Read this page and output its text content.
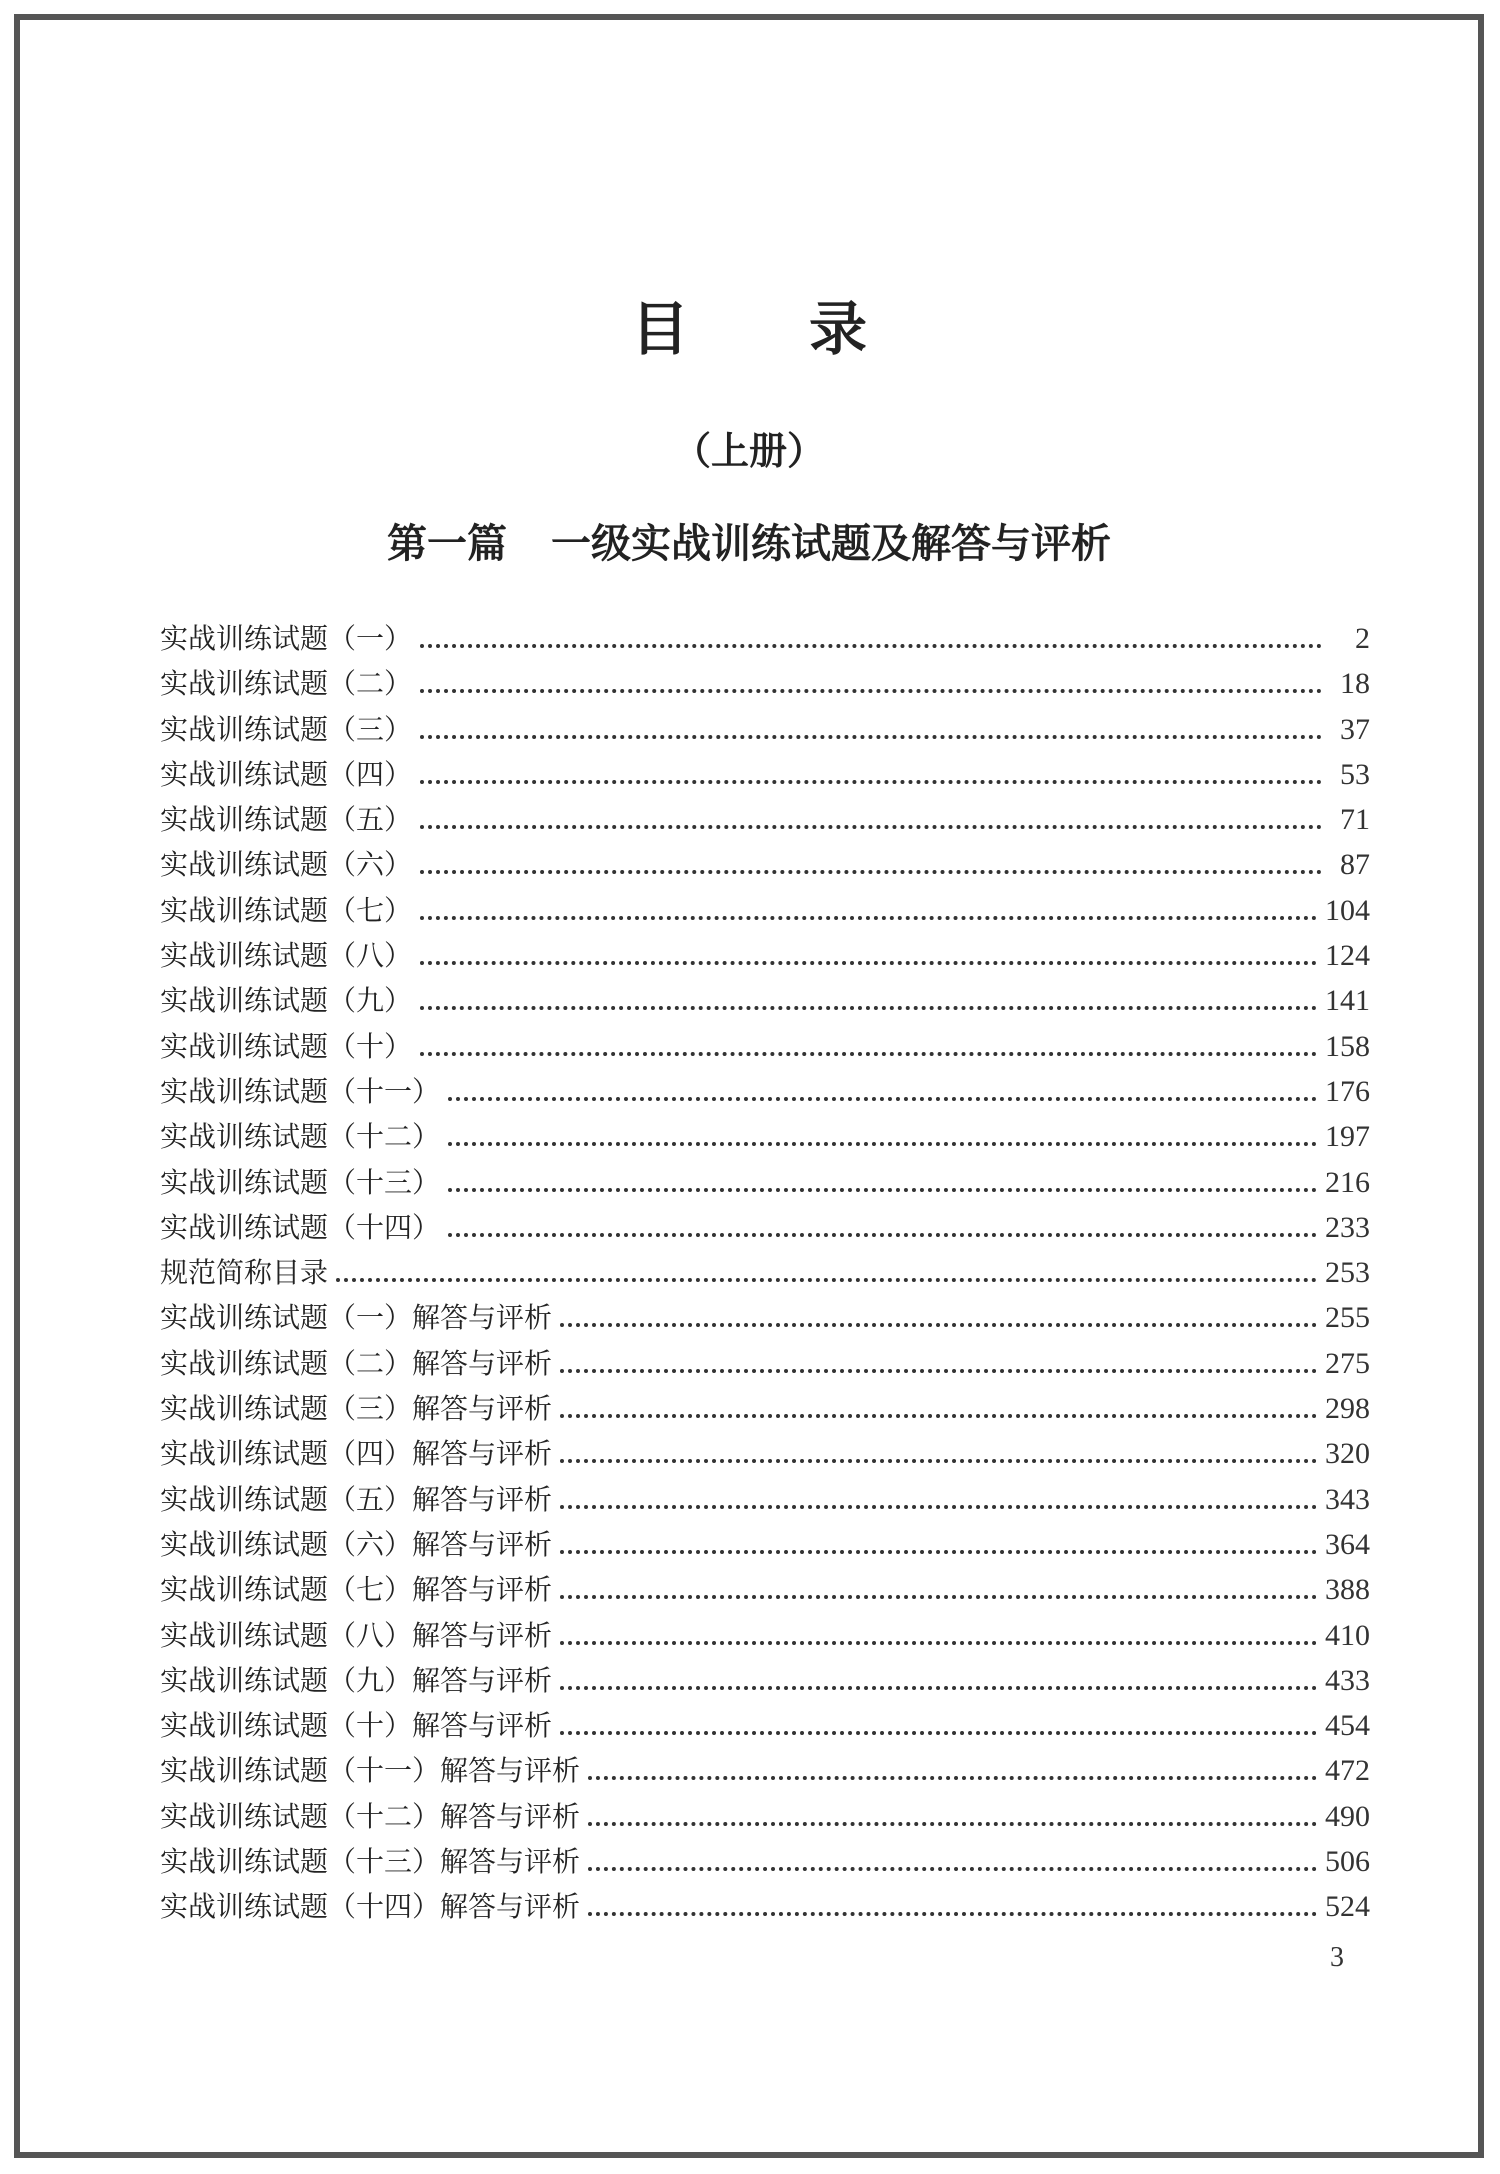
目录
（上册）
第一篇 一级实战训练试题及解答与评析
实战训练试题（一）	2
实战训练试题（二）	18
实战训练试题（三）	37
实战训练试题（四）	53
实战训练试题（五）	71
实战训练试题（六）	87
实战训练试题（七）	104
实战训练试题（八）	124
实战训练试题（九）	141
实战训练试题（十）	158
实战训练试题（十一）	176
实战训练试题（十二）	197
实战训练试题（十三）	216
实战训练试题（十四）	233
规范简称目录	253
实战训练试题（一）解答与评析	255
实战训练试题（二）解答与评析	275
实战训练试题（三）解答与评析	298
实战训练试题（四）解答与评析	320
实战训练试题（五）解答与评析	343
实战训练试题（六）解答与评析	364
实战训练试题（七）解答与评析	388
实战训练试题（八）解答与评析	410
实战训练试题（九）解答与评析	433
实战训练试题（十）解答与评析	454
实战训练试题（十一）解答与评析	472
实战训练试题（十二）解答与评析	490
实战训练试题（十三）解答与评析	506
实战训练试题（十四）解答与评析	524
3
